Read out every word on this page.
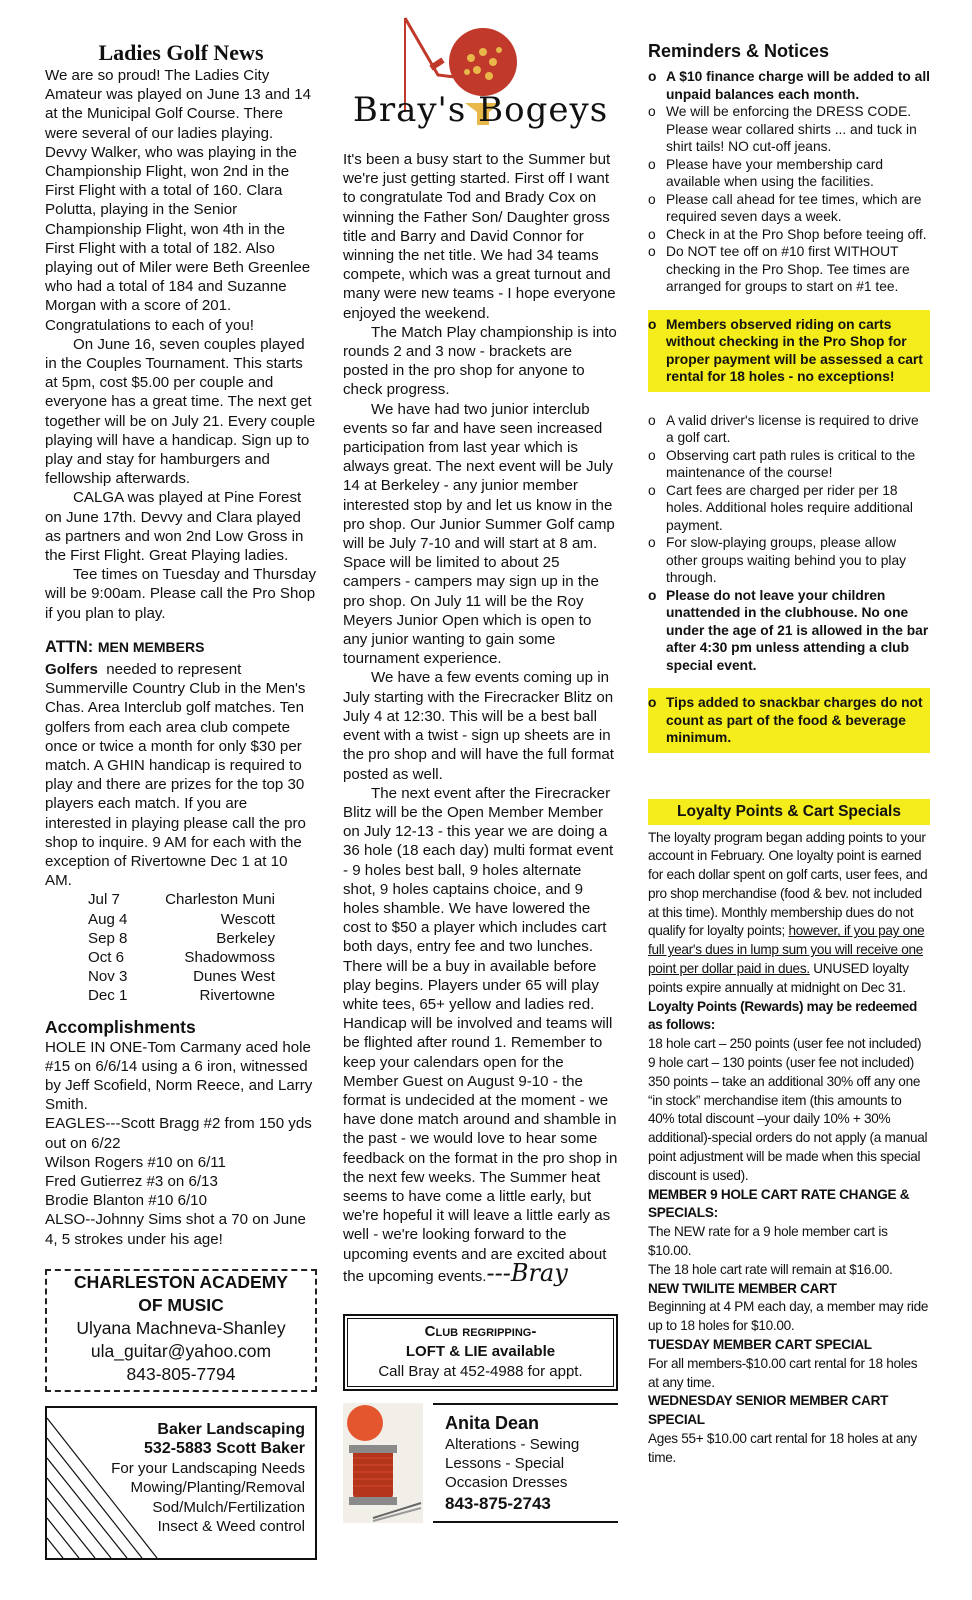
Ladies Golf News

We are so proud! The Ladies City Amateur was played on June 13 and 14 at the Municipal Golf Course. There were several of our ladies playing. Devvy Walker, who was playing in the Championship Flight, won 2nd in the First Flight with a total of 160. Clara Polutta, playing in the Senior Championship Flight, won 4th in the First Flight with a total of 182. Also playing out of Miler were Beth Greenlee who had a total of 184 and Suzanne Morgan with a score of 201. Congratulations to each of you!

On June 16, seven couples played in the Couples Tournament. This starts at 5pm, cost $5.00 per couple and everyone has a great time. The next get together will be on July 21. Every couple playing will have a handicap. Sign up to play and stay for hamburgers and fellowship afterwards.

CALGA was played at Pine Forest on June 17th. Devvy and Clara played as partners and won 2nd Low Gross in the First Flight. Great Playing ladies.

Tee times on Tuesday and Thursday will be 9:00am. Please call the Pro Shop if you plan to play.

ATTN: MEN MEMBERS

Golfers needed to represent Summerville Country Club in the Men's Chas. Area Interclub golf matches. Ten golfers from each area club compete once or twice a month for only $30 per match. A GHIN handicap is required to play and there are prizes for the top 30 players each match. If you are interested in playing please call the pro shop to inquire. 9 AM for each with the exception of Rivertowne Dec 1 at 10 AM.

Jul 7	Charleston Muni
Aug 4	Wescott
Sep 8	Berkeley
Oct 6	Shadowmoss
Nov 3	Dunes West
Dec 1	Rivertowne
Accomplishments

HOLE IN ONE-Tom Carmany aced hole #15 on 6/6/14 using a 6 iron, witnessed by Jeff Scofield, Norm Reece, and Larry Smith.

EAGLES---Scott Bragg #2 from 150 yds out on 6/22

Wilson Rogers #10 on 6/11

Fred Gutierrez #3 on 6/13

Brodie Blanton #10 6/10

ALSO--Johnny Sims shot a 70 on June 4, 5 strokes under his age!

CHARLESTON ACADEMY
OF MUSIC
Ulyana Machneva-Shanley
ula_guitar@yahoo.com
843-805-7794
Baker Landscaping
532-5883 Scott Baker
For your Landscaping Needs
Mowing/Planting/Removal
Sod/Mulch/Fertilization
Insect & Weed control
Bray's Bogeys

It's been a busy start to the Summer but we're just getting started. First off I want to congratulate Tod and Brady Cox on winning the Father Son/ Daughter gross title and Barry and David Connor for winning the net title. We had 34 teams compete, which was a great turnout and many were new teams - I hope everyone enjoyed the weekend.

The Match Play championship is into rounds 2 and 3 now - brackets are posted in the pro shop for anyone to check progress.

We have had two junior interclub events so far and have seen increased participation from last year which is always great. The next event will be July 14 at Berkeley - any junior member interested stop by and let us know in the pro shop. Our Junior Summer Golf camp will be July 7-10 and will start at 8 am. Space will be limited to about 25 campers - campers may sign up in the pro shop. On July 11 will be the Roy Meyers Junior Open which is open to any junior wanting to gain some tournament experience.

We have a few events coming up in July starting with the Firecracker Blitz on July 4 at 12:30. This will be a best ball event with a twist - sign up sheets are in the pro shop and will have the full format posted as well.

The next event after the Firecracker Blitz will be the Open Member Member on July 12-13 - this year we are doing a 36 hole (18 each day) multi format event - 9 holes best ball, 9 holes alternate shot, 9 holes captains choice, and 9 holes shamble. We have lowered the cost to $50 a player which includes cart both days, entry fee and two lunches. There will be a buy in available before play begins. Players under 65 will play white tees, 65+ yellow and ladies red. Handicap will be involved and teams will be flighted after round 1. Remember to keep your calendars open for the Member Guest on August 9-10 - the format is undecided at the moment - we have done match around and shamble in the past - we would love to hear some feedback on the format in the pro shop in the next few weeks. The Summer heat seems to have come a little early, but we're hopeful it will leave a little early as well - we're looking forward to the upcoming events and are excited about the upcoming events.---Bray

Club regripping-
LOFT & LIE available
Call Bray at 452-4988 for appt.
Anita Dean
Alterations - Sewing
Lessons - Special
Occasion Dresses
843-875-2743
Reminders & Notices
o A $10 finance charge will be added to all unpaid balances each month.
o We will be enforcing the DRESS CODE. Please wear collared shirts ... and tuck in shirt tails! NO cut-off jeans.
o Please have your membership card available when using the facilities.
o Please call ahead for tee times, which are required seven days a week.
o Check in at the Pro Shop before teeing off.
o Do NOT tee off on #10 first WITHOUT checking in the Pro Shop. Tee times are arranged for groups to start on #1 tee.
o Members observed riding on carts without checking in the Pro Shop for proper payment will be assessed a cart rental for 18 holes - no exceptions!
o A valid driver's license is required to drive a golf cart.
o Observing cart path rules is critical to the maintenance of the course!
o Cart fees are charged per rider per 18 holes. Additional holes require additional payment.
o For slow-playing groups, please allow other groups waiting behind you to play through.
o Please do not leave your children unattended in the clubhouse. No one under the age of 21 is allowed in the bar after 4:30 pm unless attending a club special event.
o Tips added to snackbar charges do not count as part of the food & beverage minimum.
Loyalty Points & Cart Specials

The loyalty program began adding points to your account in February. One loyalty point is earned for each dollar spent on golf carts, user fees, and pro shop merchandise (food & bev. not included at this time). Monthly membership dues do not qualify for loyalty points; however, if you pay one full year's dues in lump sum you will receive one point per dollar paid in dues. UNUSED loyalty points expire annually at midnight on Dec 31.

Loyalty Points (Rewards) may be redeemed as follows:

18 hole cart – 250 points (user fee not included)

9 hole cart – 130 points (user fee not included)

350 points – take an additional 30% off any one “in stock” merchandise item (this amounts to 40% total discount –your daily 10% + 30% additional)-special orders do not apply (a manual point adjustment will be made when this special discount is used).

MEMBER 9 HOLE CART RATE CHANGE & SPECIALS:

The NEW rate for a 9 hole member cart is $10.00.

The 18 hole cart rate will remain at $16.00.

NEW TWILITE MEMBER CART

Beginning at 4 PM each day, a member may ride up to 18 holes for $10.00.

TUESDAY MEMBER CART SPECIAL

For all members-$10.00 cart rental for 18 holes at any time.

WEDNESDAY SENIOR MEMBER CART SPECIAL

Ages 55+ $10.00 cart rental for 18 holes at any time.
